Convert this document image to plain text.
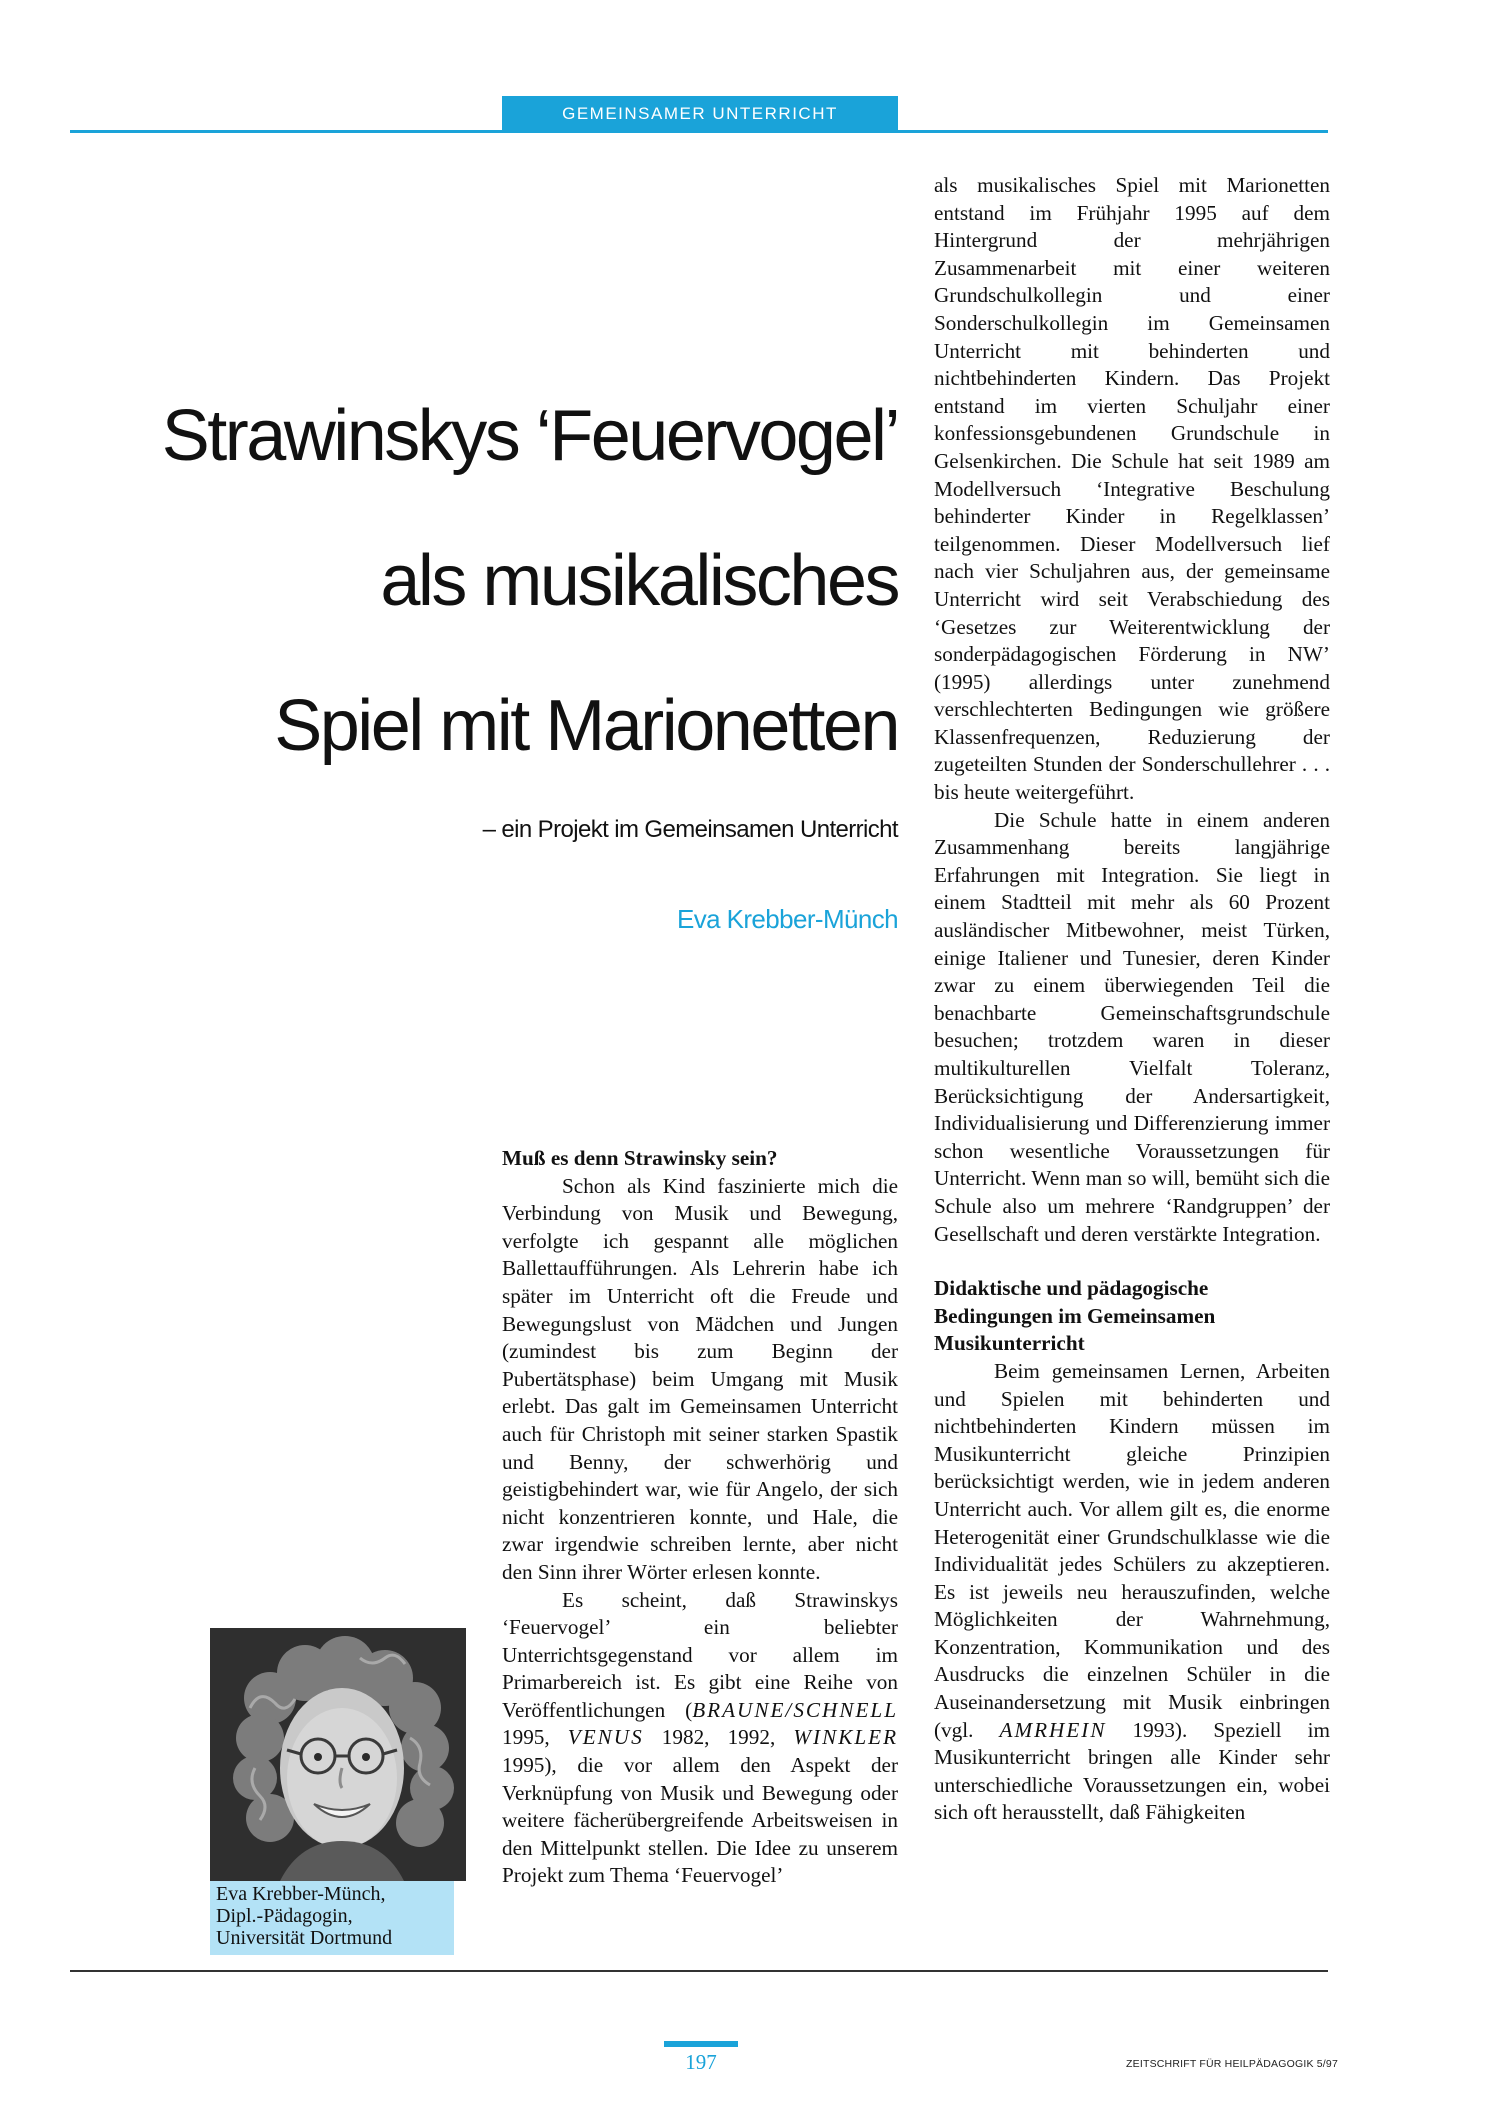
GEMEINSAMER UNTERRICHT
Strawinskys ‘Feuervogel’
als musikalisches
Spiel mit Marionetten
– ein Projekt im Gemeinsamen Unterricht
Eva Krebber-Münch

Muß es denn Strawinsky sein?

Schon als Kind faszinierte mich die Verbindung von Musik und Bewegung, verfolgte ich gespannt alle möglichen Ballettaufführungen. Als Lehrerin habe ich später im Unterricht oft die Freude und Bewegungslust von Mädchen und Jungen (zumindest bis zum Beginn der Pubertätsphase) beim Umgang mit Musik erlebt. Das galt im Gemeinsamen Unterricht auch für Christoph mit seiner starken Spastik und Benny, der schwerhörig und geistigbehindert war, wie für Angelo, der sich nicht konzentrieren konnte, und Hale, die zwar irgendwie schreiben lernte, aber nicht den Sinn ihrer Wörter erlesen konnte.

Es scheint, daß Strawinskys ‘Feuervogel’ ein beliebter Unterrichtsgegenstand vor allem im Primarbereich ist. Es gibt eine Reihe von Veröffentlichungen (BRAUNE/SCHNELL 1995, VENUS 1982, 1992, WINKLER 1995), die vor allem den Aspekt der Verknüpfung von Musik und Bewegung oder weitere fächerübergreifende Arbeitsweisen in den Mittelpunkt stellen. Die Idee zu unserem Projekt zum Thema ‘Feuervogel’

als musikalisches Spiel mit Marionetten entstand im Frühjahr 1995 auf dem Hintergrund der mehrjährigen Zusammenarbeit mit einer weiteren Grundschulkollegin und einer Sonderschulkollegin im Gemeinsamen Unterricht mit behinderten und nichtbehinderten Kindern. Das Projekt entstand im vierten Schuljahr einer konfessionsgebundenen Grundschule in Gelsenkirchen. Die Schule hat seit 1989 am Modellversuch ‘Integrative Beschulung behinderter Kinder in Regelklassen’ teilgenommen. Dieser Modellversuch lief nach vier Schuljahren aus, der gemeinsame Unterricht wird seit Verabschiedung des ‘Gesetzes zur Weiterentwicklung der sonderpädagogischen Förderung in NW’ (1995) allerdings unter zunehmend verschlechterten Bedingungen wie größere Klassenfrequenzen, Reduzierung der zugeteilten Stunden der Sonderschullehrer . . . bis heute weitergeführt.

Die Schule hatte in einem anderen Zusammenhang bereits langjährige Erfahrungen mit Integration. Sie liegt in einem Stadtteil mit mehr als 60 Prozent ausländischer Mitbewohner, meist Türken, einige Italiener und Tunesier, deren Kinder zwar zu einem überwiegenden Teil die benachbarte Gemeinschaftsgrundschule besuchen; trotzdem waren in dieser multikulturellen Vielfalt Toleranz, Berücksichtigung der Andersartigkeit, Individualisierung und Differenzierung immer schon wesentliche Voraussetzungen für Unterricht. Wenn man so will, bemüht sich die Schule also um mehrere ‘Randgruppen’ der Gesellschaft und deren verstärkte Integration.

Didaktische und pädagogische Bedingungen im Gemeinsamen Musikunterricht

Beim gemeinsamen Lernen, Arbeiten und Spielen mit behinderten und nichtbehinderten Kindern müssen im Musikunterricht gleiche Prinzipien berücksichtigt werden, wie in jedem anderen Unterricht auch. Vor allem gilt es, die enorme Heterogenität einer Grundschulklasse wie die Individualität jedes Schülers zu akzeptieren. Es ist jeweils neu herauszufinden, welche Möglichkeiten der Wahrnehmung, Konzentration, Kommunikation und des Ausdrucks die einzelnen Schüler in die Auseinandersetzung mit Musik einbringen (vgl. AMRHEIN 1993). Speziell im Musikunterricht bringen alle Kinder sehr unterschiedliche Voraussetzungen ein, wobei sich oft herausstellt, daß Fähigkeiten

Eva Krebber-Münch,
Dipl.-Pädagogin,
Universität Dortmund
197	ZEITSCHRIFT FÜR HEILPÄDAGOGIK 5/97
